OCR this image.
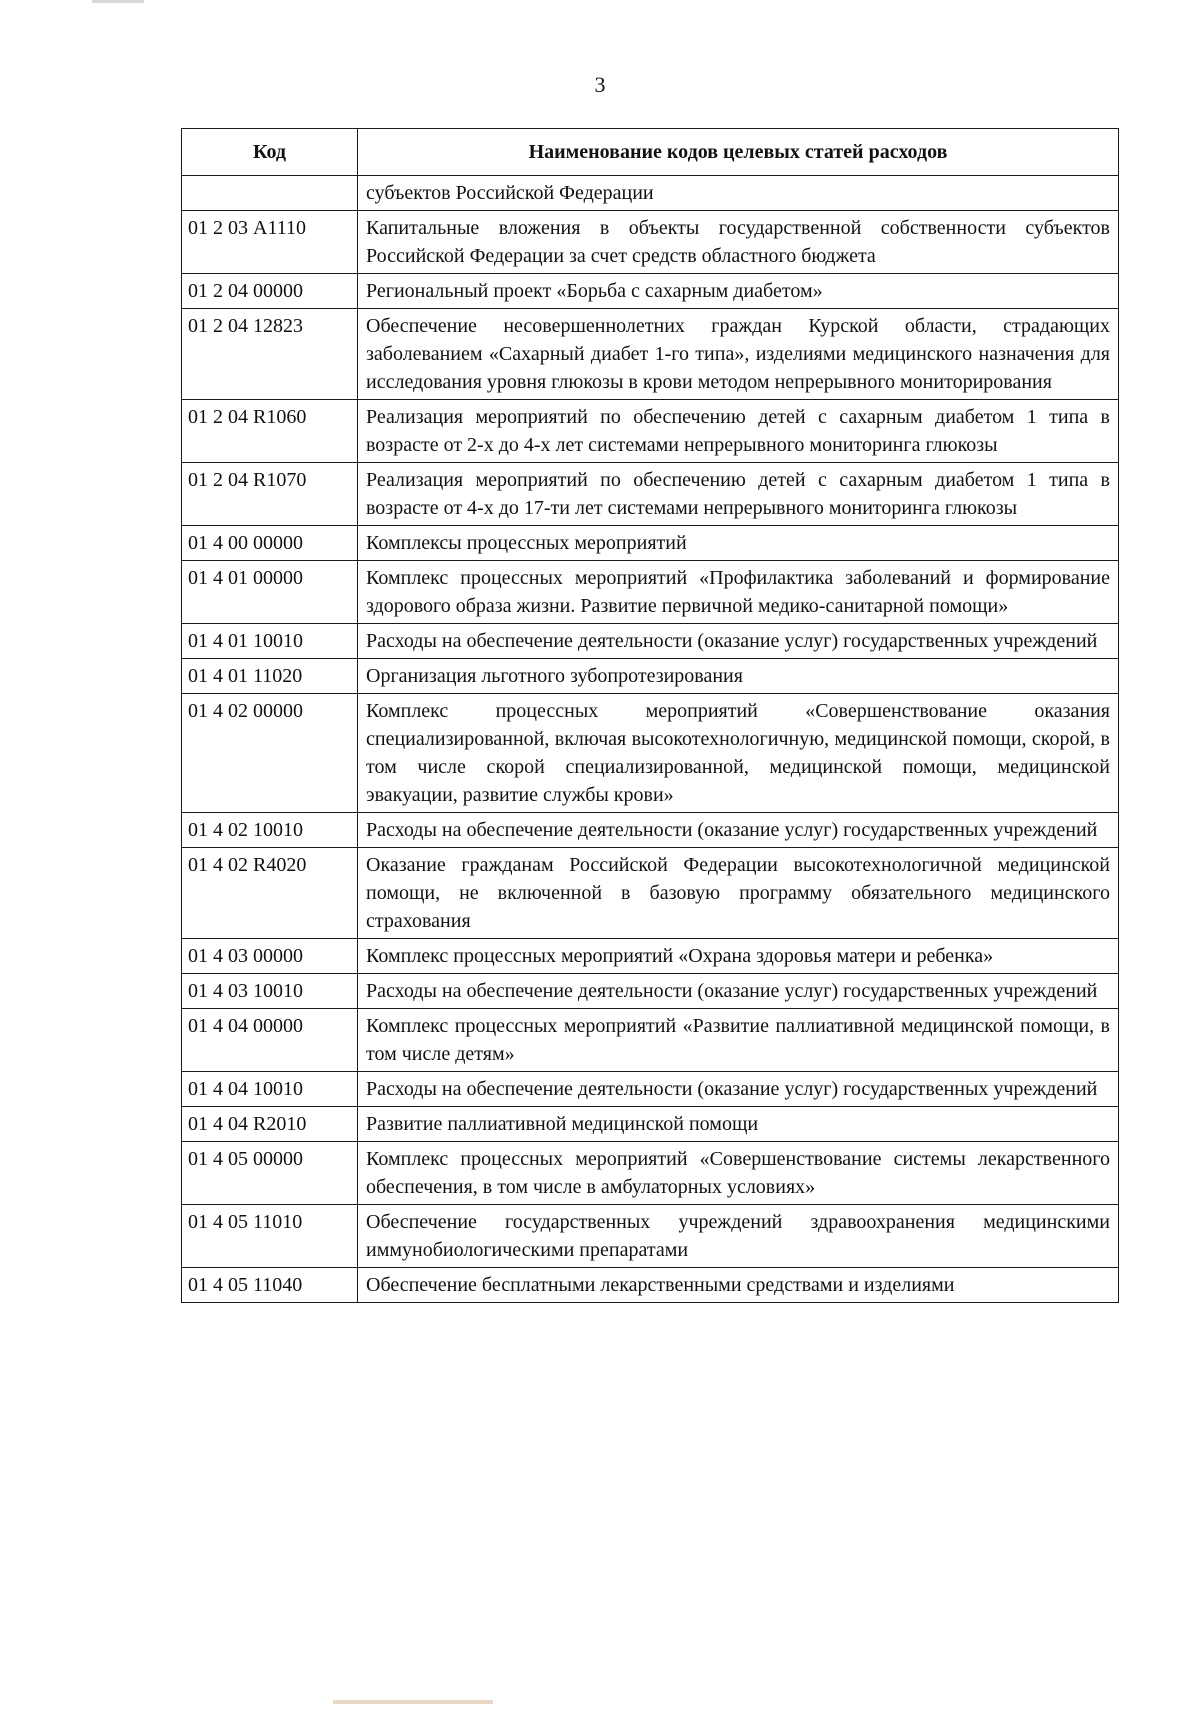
3
Код	Наименование кодов целевых статей расходов
	субъектов Российской Федерации
01 2 03 А1110	Капитальные вложения в объекты государственной собственности субъектов Российской Федерации за счет средств областного бюджета
01 2 04 00000	Региональный проект «Борьба с сахарным диабетом»
01 2 04 12823	Обеспечение несовершеннолетних граждан Курской области, страдающих заболеванием «Сахарный диабет 1-го типа», изделиями медицинского назначения для исследования уровня глюкозы в крови методом непрерывного мониторирования
01 2 04 R1060	Реализация мероприятий по обеспечению детей с сахарным диабетом 1 типа в возрасте от 2-х до 4-х лет системами непрерывного мониторинга глюкозы
01 2 04 R1070	Реализация мероприятий по обеспечению детей с сахарным диабетом 1 типа в возрасте от 4-х до 17-ти лет системами непрерывного мониторинга глюкозы
01 4 00 00000	Комплексы процессных мероприятий
01 4 01 00000	Комплекс процессных мероприятий «Профилактика заболеваний и формирование здорового образа жизни. Развитие первичной медико-санитарной помощи»
01 4 01 10010	Расходы на обеспечение деятельности (оказание услуг) государственных учреждений
01 4 01 11020	Организация льготного зубопротезирования
01 4 02 00000	Комплекс процессных мероприятий «Совершенствование оказания специализированной, включая высокотехнологичную, медицинской помощи, скорой, в том числе скорой специализированной, медицинской помощи, медицинской эвакуации, развитие службы крови»
01 4 02 10010	Расходы на обеспечение деятельности (оказание услуг) государственных учреждений
01 4 02 R4020	Оказание гражданам Российской Федерации высокотехнологичной медицинской помощи, не включенной в базовую программу обязательного медицинского страхования
01 4 03 00000	Комплекс процессных мероприятий «Охрана здоровья матери и ребенка»
01 4 03 10010	Расходы на обеспечение деятельности (оказание услуг) государственных учреждений
01 4 04 00000	Комплекс процессных мероприятий «Развитие паллиативной медицинской помощи, в том числе детям»
01 4 04 10010	Расходы на обеспечение деятельности (оказание услуг) государственных учреждений
01 4 04 R2010	Развитие паллиативной медицинской помощи
01 4 05 00000	Комплекс процессных мероприятий «Совершенствование системы лекарственного обеспечения, в том числе в амбулаторных условиях»
01 4 05 11010	Обеспечение государственных учреждений здравоохранения медицинскими иммунобиологическими препаратами
01 4 05 11040	Обеспечение бесплатными лекарственными средствами и изделиями
